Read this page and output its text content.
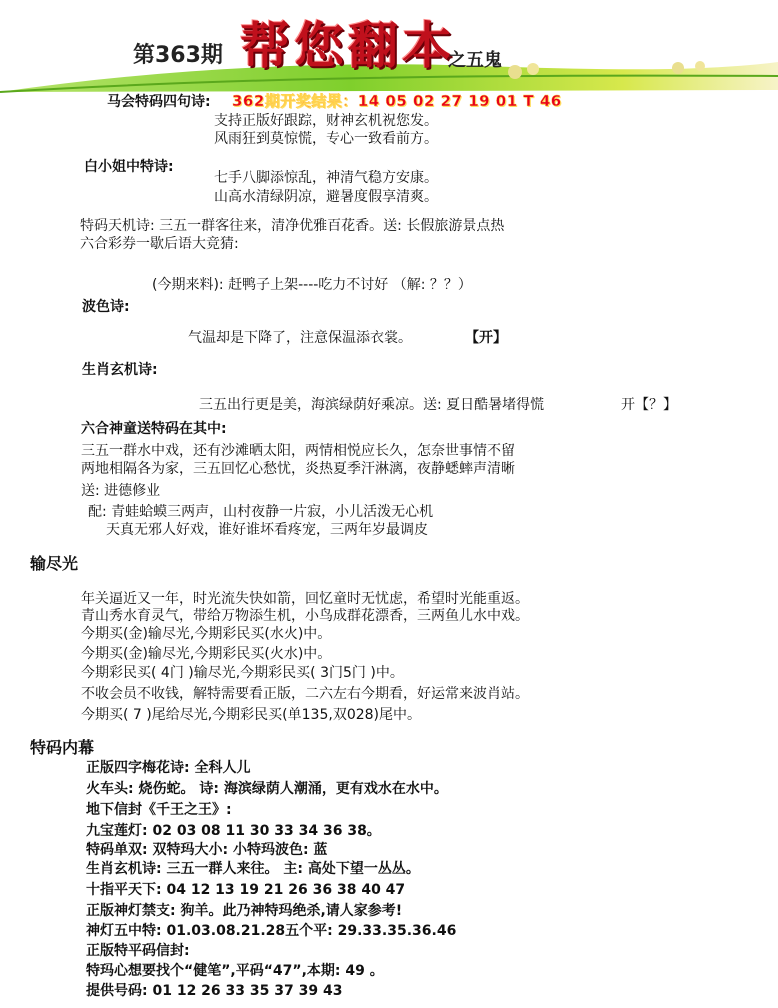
第363期 帮您翻本
之五鬼
马会特码四句诗: 362期开奖结果：14 05 02 27 19 01 T 46
支持正版好跟踪，财神玄机祝您发。
风雨狂到莫惊慌，专心一致看前方。
白小姐中特诗:
七手八脚添惊乱，神清气稳方安康。
山高水清绿阴凉，避暑度假享清爽。
特码天机诗: 三五一群客往来，清净优雅百花香。送: 长假旅游景点热
六合彩券一歇后语大竞猜:
(今期来料): 赶鸭子上架----吃力不讨好 （解: ？？）
波色诗:
气温却是下降了，注意保温添衣裳。	【开】
生肖玄机诗:
三五出行更是美，海滨绿荫好乘凉。送: 夏日酷暑堵得慌	开【？】
六合神童送特码在其中:
三五一群水中戏，还有沙滩晒太阳，两情相悦应长久，怎奈世事情不留
两地相隔各为家，三五回忆心愁忧，炎热夏季汗淋漓，夜静蟋蟀声清晰
送: 进德修业
配: 青蛙蛤蟆三两声，山村夜静一片寂，小儿活泼无心机
天真无邪人好戏，谁好谁坏看疼宠，三两年岁最调皮
输尽光
年关逼近又一年，时光流失快如箭，回忆童时无忧虑，希望时光能重返。
青山秀水育灵气，带给万物添生机，小鸟成群花漂香，三两鱼儿水中戏。
今期买(金)输尽光,今期彩民买(水火)中。
今期买(金)输尽光,今期彩民买(火水)中。
今期彩民买( 4门 )输尽光,今期彩民买( 3门5门 )中。
不收会员不收钱，解特需要看正版，二六左右今期看，好运常来波肖站。
今期买( 7 )尾给尽光,今期彩民买(单135,双028)尾中。
特码内幕
正版四字梅花诗: 全科人儿
火车头: 烧伤蛇。 诗: 海滨绿荫人潮涌，更有戏水在水中。
地下信封《千王之王》:
九宝莲灯: 02 03 08 11 30 33 34 36 38。
特码单双: 双特玛大小: 小特玛波色: 蓝
生肖玄机诗: 三五一群人来往。 主: 高处下望一丛丛。
十指平天下: 04 12 13 19 21 26 36 38 40 47
正版神灯禁支: 狗羊。此乃神特玛绝杀,请人家参考!
神灯五中特: 01.03.08.21.28五个平: 29.33.35.36.46
正版特平码信封:
特玛心想要找个“健笔”,平码“47”,本期: 49 。
提供号码: 01 12 26 33 35 37 39 43
